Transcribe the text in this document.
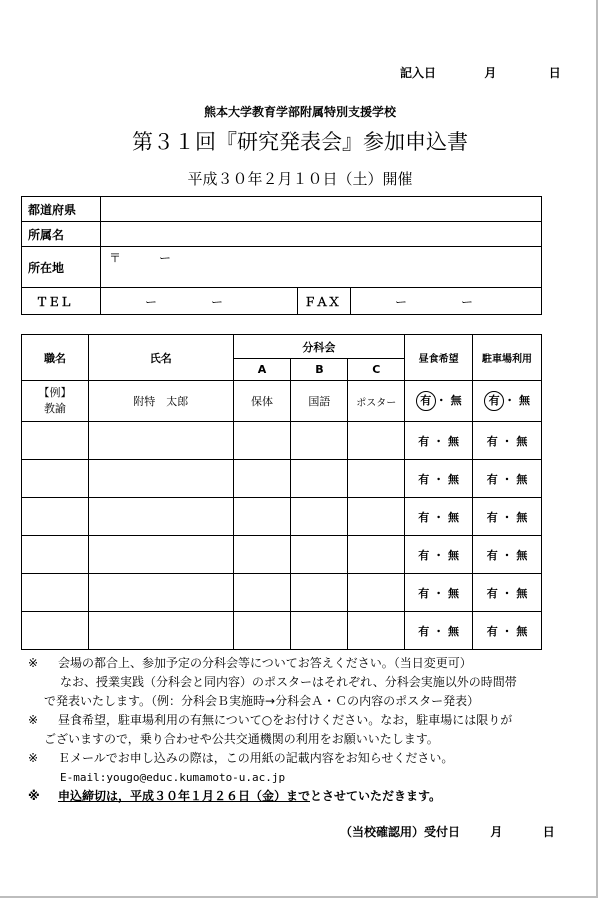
記入日	月	日
熊本大学教育学部附属特別支援学校
第３１回『研究発表会』参加申込書
平成３０年２月１０日（土）開催
都道府県			
所属名			
所在地	〒 ー		

ＴＥＬ	ー ー	ＦＡＸ	ー ー
職名	氏名	分科会			昼食希望	駐車場利用
		A	B	C		

【例】
教諭	附特　太郎	保体	国語	ポスター	有 ・ 無	有 ・ 無
					有 ・ 無	有 ・ 無
					有 ・ 無	有 ・ 無
					有 ・ 無	有 ・ 無
					有 ・ 無	有 ・ 無
					有 ・ 無	有 ・ 無
					有 ・ 無	有 ・ 無
※ 会場の都合上、参加予定の分科会等についてお答えください。（当日変更可）
なお、授業実践（分科会と同内容）のポスターはそれぞれ、分科会実施以外の時間帯
で発表いたします。（例：分科会Ｂ実施時→分科会Ａ・Ｃの内容のポスター発表）
※ 昼食希望，駐車場利用の有無について○をお付けください。なお，駐車場には限りが
ございますので，乗り合わせや公共交通機関の利用をお願いいたします。
※ Ｅメールでお申し込みの際は，この用紙の記載内容をお知らせください。
E-mail:yougo@educ.kumamoto-u.ac.jp
※ 申込締切は，平成３０年１月２６日（金）までとさせていただきます。
（当校確認用）受付日	月	日
